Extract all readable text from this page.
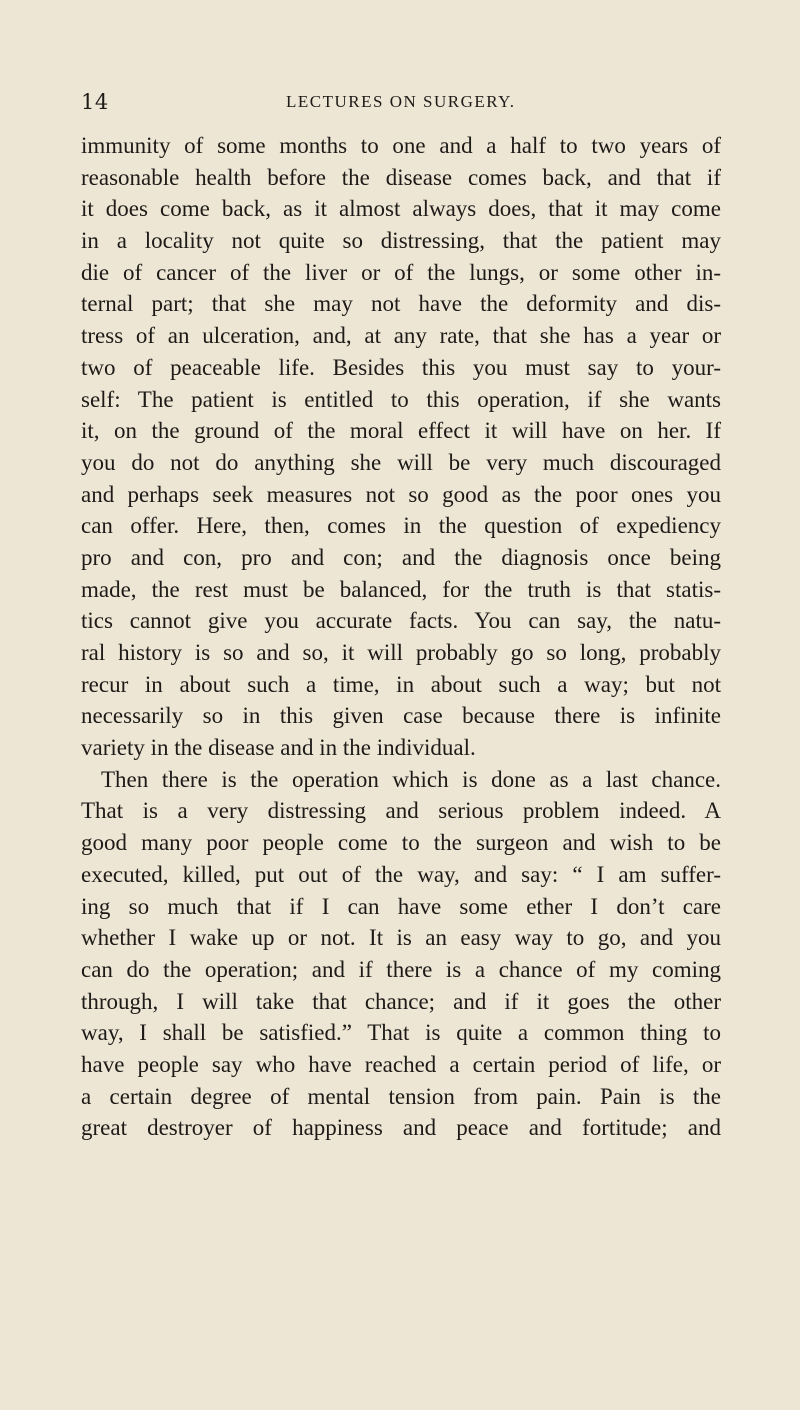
14	LECTURES ON SURGERY.
immunity of some months to one and a half to two years of
reasonable health before the disease comes back, and that if
it does come back, as it almost always does, that it may come
in a locality not quite so distressing, that the patient may
die of cancer of the liver or of the lungs, or some other in-
ternal part; that she may not have the deformity and dis-
tress of an ulceration, and, at any rate, that she has a year or
two of peaceable life. Besides this you must say to your-
self: The patient is entitled to this operation, if she wants
it, on the ground of the moral effect it will have on her. If
you do not do anything she will be very much discouraged
and perhaps seek measures not so good as the poor ones you
can offer. Here, then, comes in the question of expediency
pro and con, pro and con; and the diagnosis once being
made, the rest must be balanced, for the truth is that statis-
tics cannot give you accurate facts. You can say, the natu-
ral history is so and so, it will probably go so long, probably
recur in about such a time, in about such a way; but not
necessarily so in this given case because there is infinite
variety in the disease and in the individual.
Then there is the operation which is done as a last chance.
That is a very distressing and serious problem indeed. A
good many poor people come to the surgeon and wish to be
executed, killed, put out of the way, and say: “ I am suffer-
ing so much that if I can have some ether I don’t care
whether I wake up or not. It is an easy way to go, and you
can do the operation; and if there is a chance of my coming
through, I will take that chance; and if it goes the other
way, I shall be satisfied.” That is quite a common thing to
have people say who have reached a certain period of life, or
a certain degree of mental tension from pain. Pain is the
great destroyer of happiness and peace and fortitude; and
